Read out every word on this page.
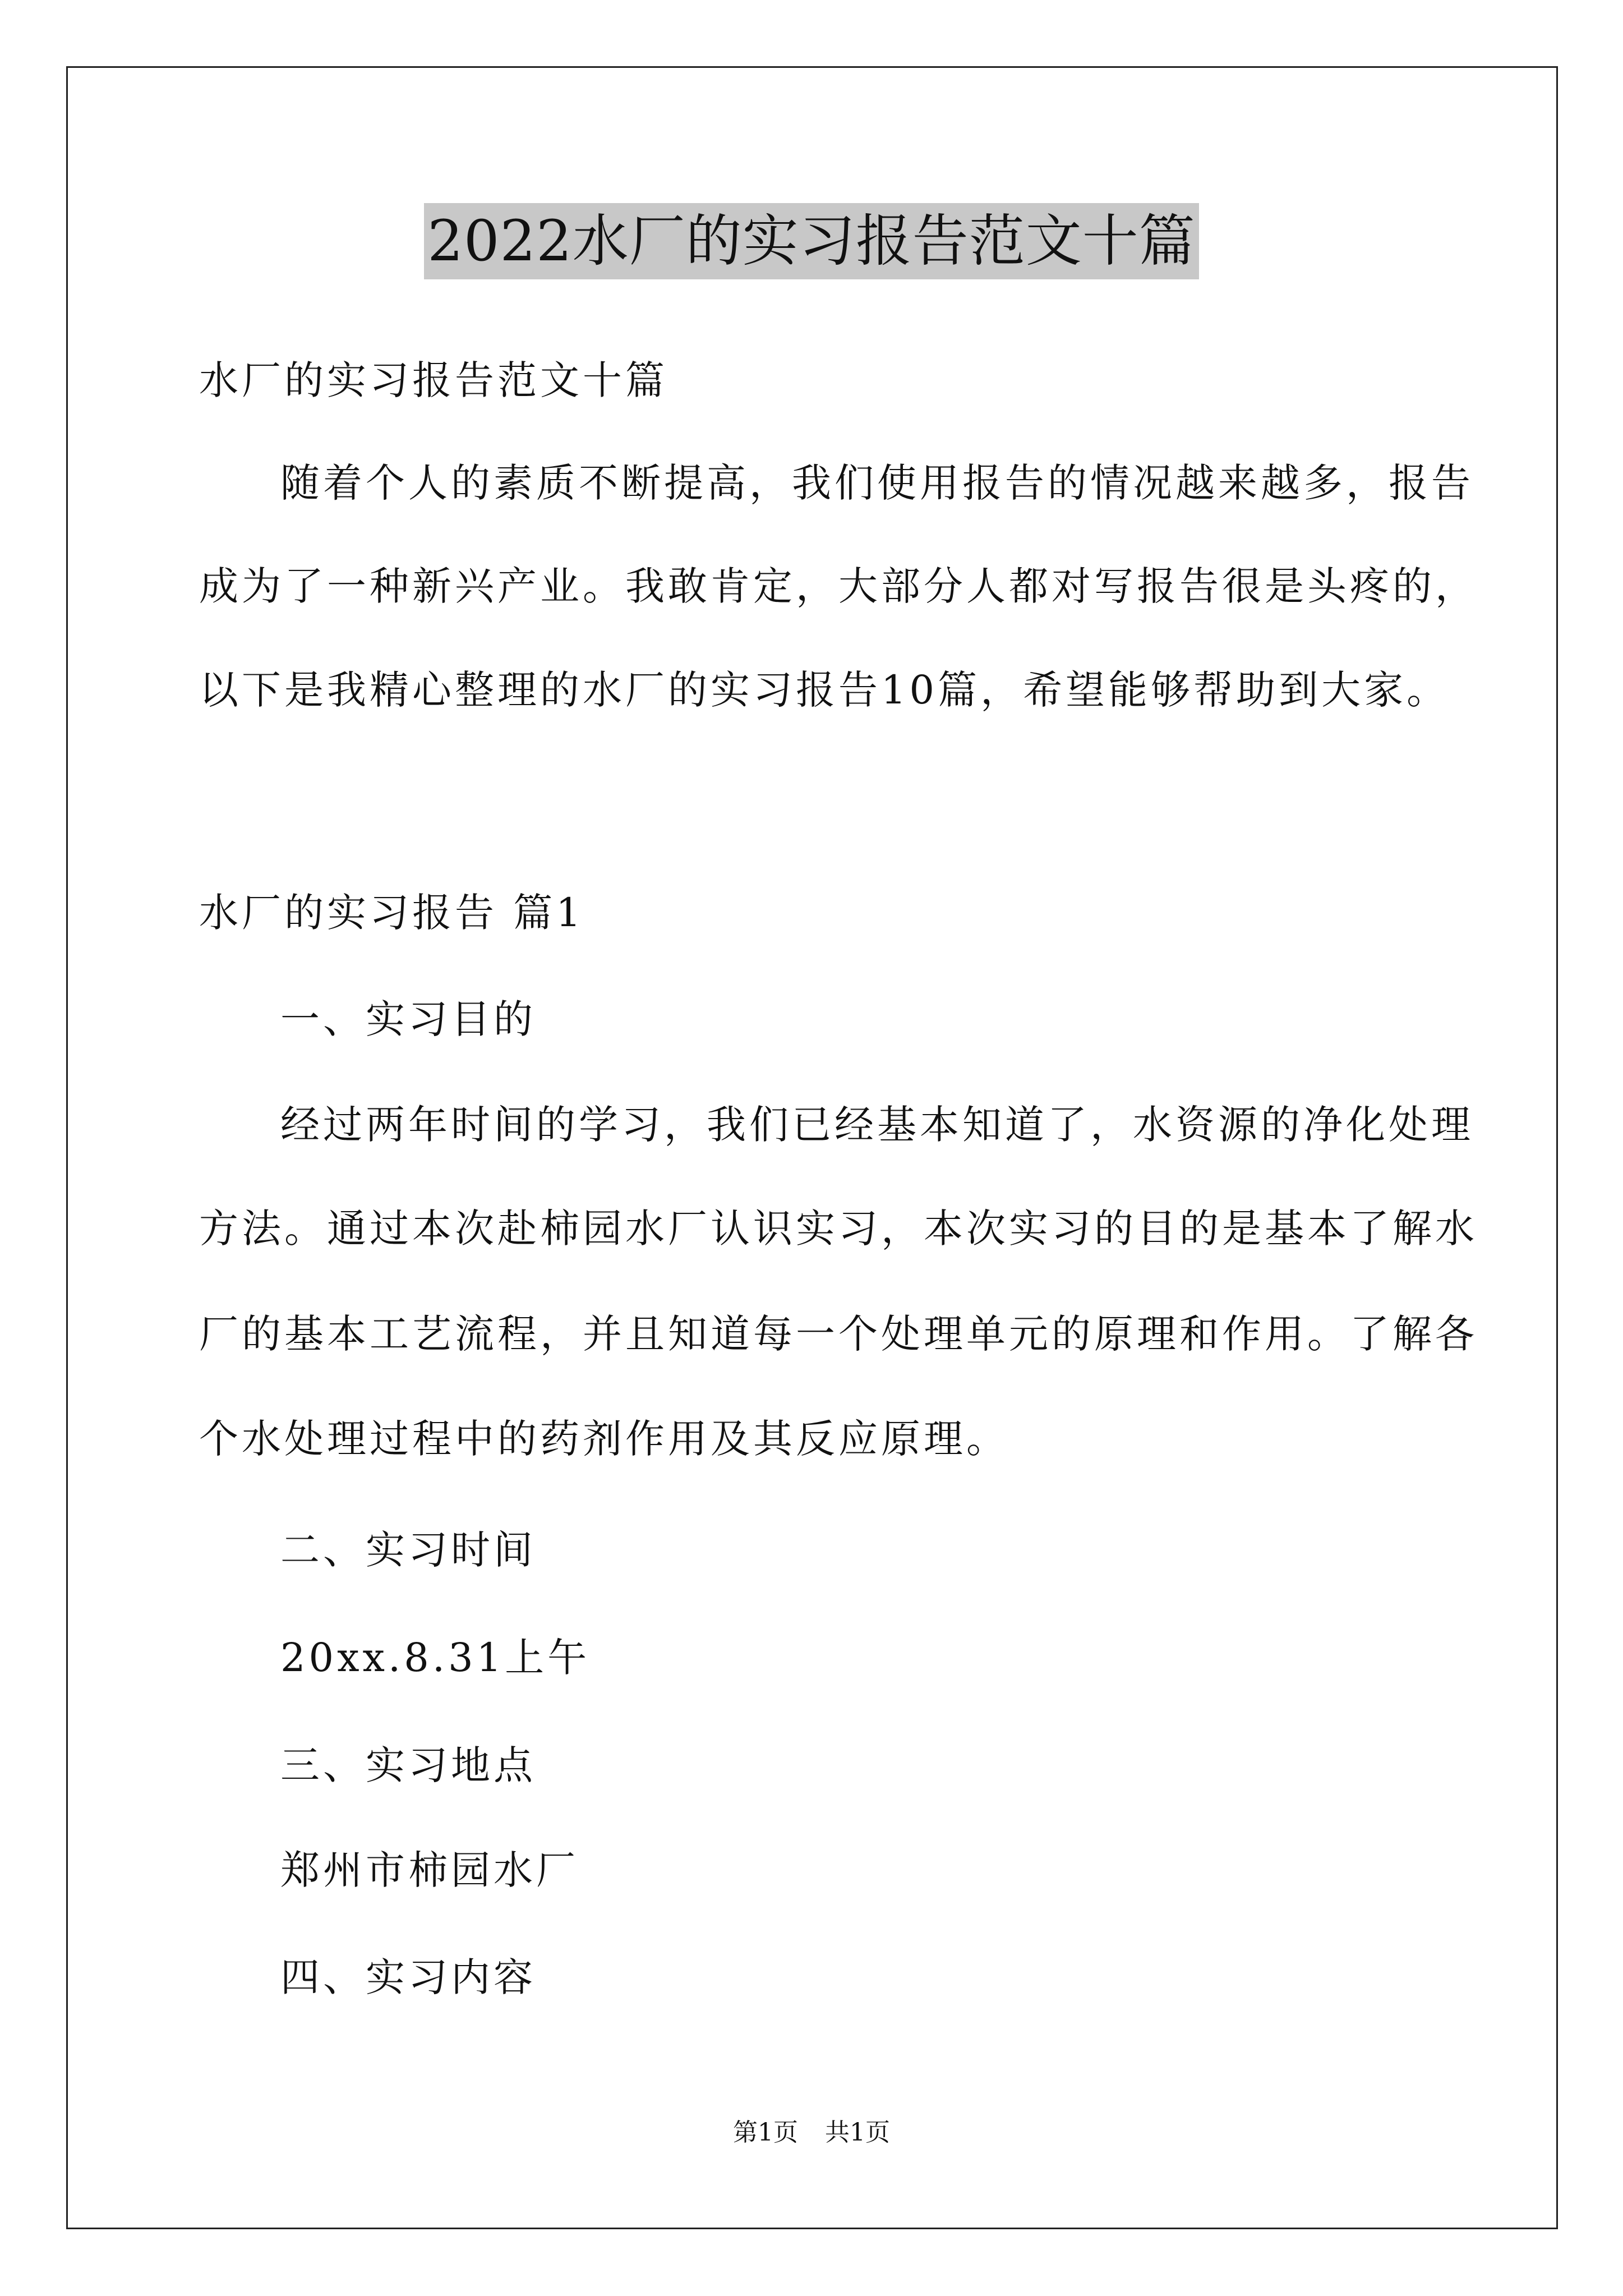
2022水厂的实习报告范文十篇
水厂的实习报告范文十篇
随着个人的素质不断提高，我们使用报告的情况越来越多，报告
成为了一种新兴产业。我敢肯定，大部分人都对写报告很是头疼的，
以下是我精心整理的水厂的实习报告10篇，希望能够帮助到大家。
水厂的实习报告 篇1
一、实习目的
经过两年时间的学习，我们已经基本知道了，水资源的净化处理
方法。通过本次赴柿园水厂认识实习，本次实习的目的是基本了解水
厂的基本工艺流程，并且知道每一个处理单元的原理和作用。了解各
个水处理过程中的药剂作用及其反应原理。
二、实习时间
20xx.8.31上午
三、实习地点
郑州市柿园水厂
四、实习内容
第1页 共1页
